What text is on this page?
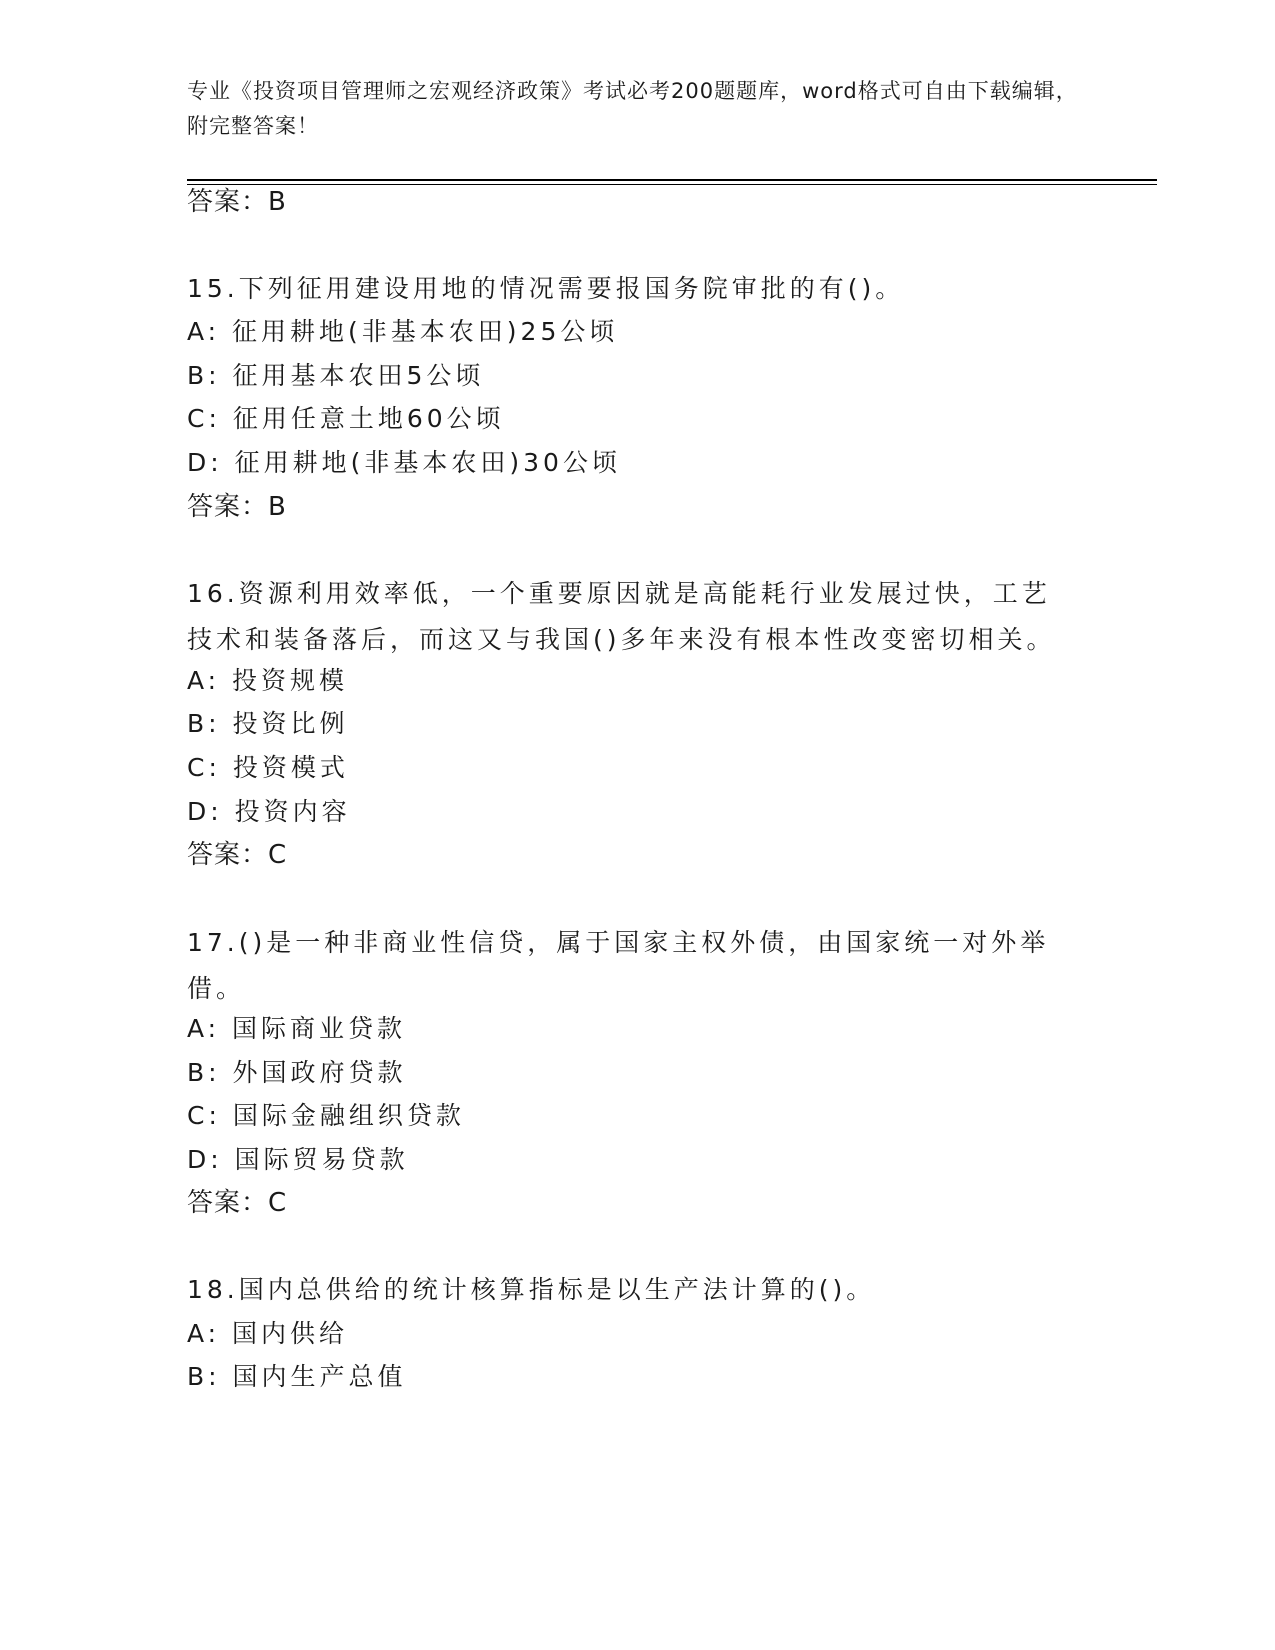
专业《投资项目管理师之宏观经济政策》考试必考200题题库，word格式可自由下载编辑，附完整答案！
答案：B
15.下列征用建设用地的情况需要报国务院审批的有()。
A: 征用耕地(非基本农田)25公顷
B: 征用基本农田5公顷
C: 征用任意土地60公顷
D: 征用耕地(非基本农田)30公顷
答案：B
16.资源利用效率低，一个重要原因就是高能耗行业发展过快，工艺技术和装备落后，而这又与我国()多年来没有根本性改变密切相关。
A: 投资规模
B: 投资比例
C: 投资模式
D: 投资内容
答案：C
17.()是一种非商业性信贷，属于国家主权外债，由国家统一对外举借。
A: 国际商业贷款
B: 外国政府贷款
C: 国际金融组织贷款
D: 国际贸易贷款
答案：C
18.国内总供给的统计核算指标是以生产法计算的()。
A: 国内供给
B: 国内生产总值
